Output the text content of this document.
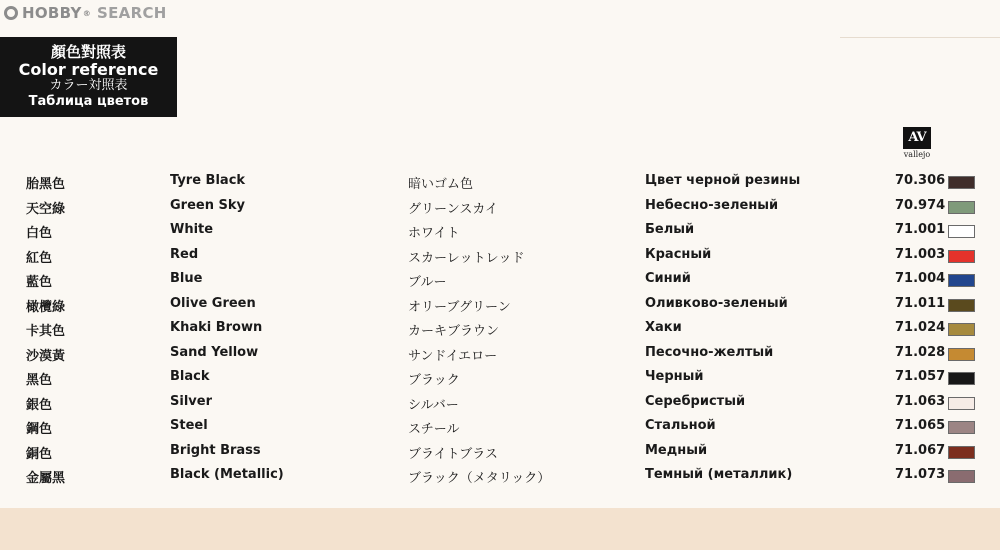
HOBBY ® SEARCH
顏色對照表
Color reference
カラー対照表
Таблица цветов
AV
vallejo
胎黑色	Tyre Black	暗いゴム色	Цвет черной резины	70.306
天空綠	Green Sky	グリーンスカイ	Небесно-зеленый	70.974
白色	White	ホワイト	Белый	71.001
紅色	Red	スカーレットレッド	Красный	71.003
藍色	Blue	ブルー	Синий	71.004
橄欖綠	Olive Green	オリーブグリーン	Оливково-зеленый	71.011
卡其色	Khaki Brown	カーキブラウン	Хаки	71.024
沙漠黃	Sand Yellow	サンドイエロー	Песочно-желтый	71.028
黑色	Black	ブラック	Черный	71.057
銀色	Silver	シルバー	Серебристый	71.063
鋼色	Steel	スチール	Стальной	71.065
銅色	Bright Brass	ブライトブラス	Медный	71.067
金屬黑	Black (Metallic)	ブラック（メタリック）	Темный (металлик)	71.073
